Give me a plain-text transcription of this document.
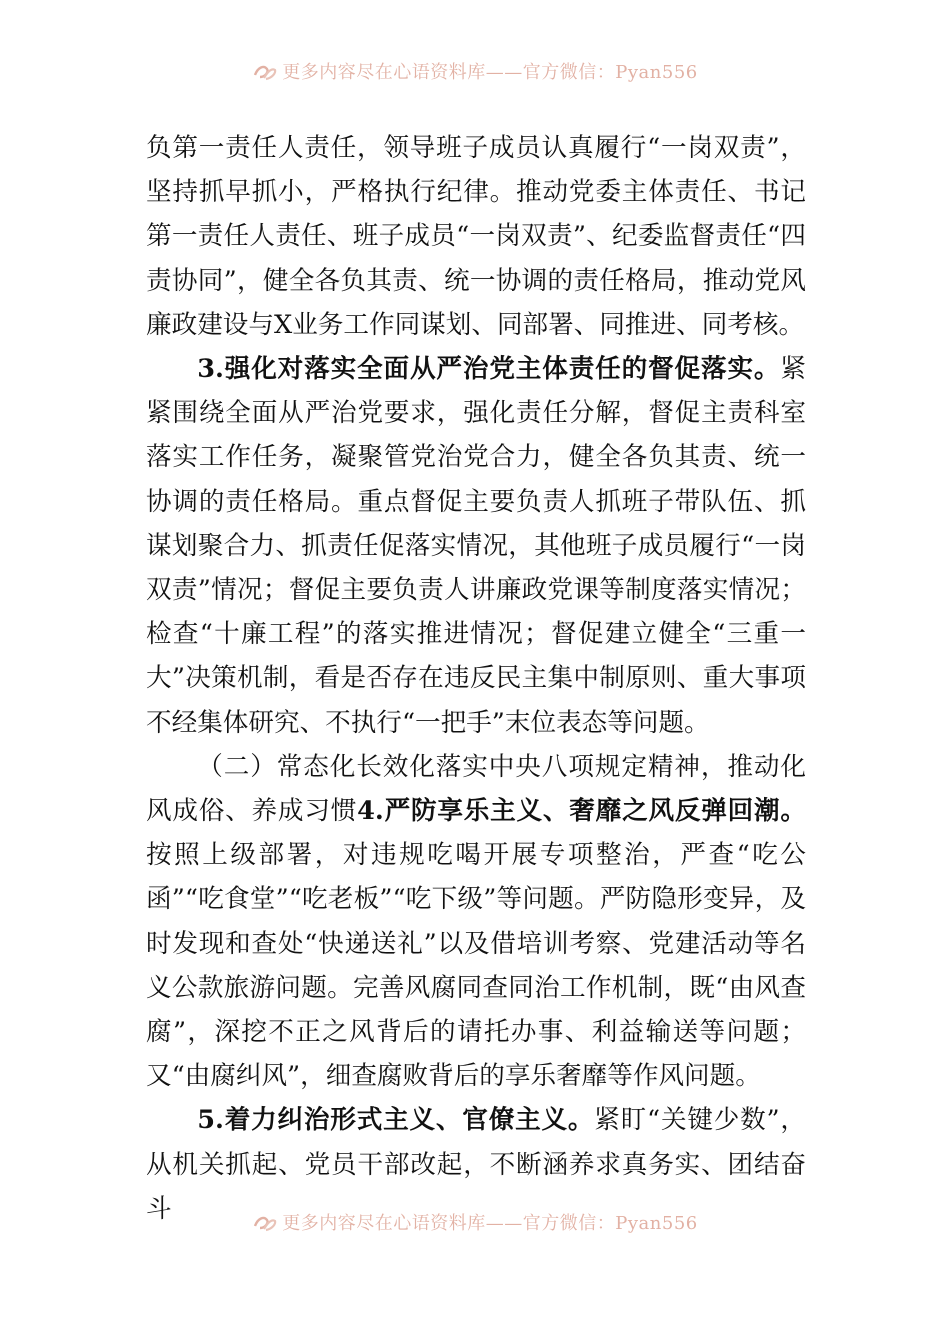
更多内容尽在心语资料库——官方微信：Pyan556

负第一责任人责任，领导班子成员认真履行“一岗双责”，坚持抓早抓小，严格执行纪律。推动党委主体责任、书记第一责任人责任、班子成员“一岗双责”、纪委监督责任“四责协同”，健全各负其责、统一协调的责任格局，推动党风廉政建设与X业务工作同谋划、同部署、同推进、同考核。

3.强化对落实全面从严治党主体责任的督促落实。紧紧围绕全面从严治党要求，强化责任分解，督促主责科室落实工作任务，凝聚管党治党合力，健全各负其责、统一协调的责任格局。重点督促主要负责人抓班子带队伍、抓谋划聚合力、抓责任促落实情况，其他班子成员履行“一岗双责”情况；督促主要负责人讲廉政党课等制度落实情况；检查“十廉工程”的落实推进情况；督促建立健全“三重一大”决策机制，看是否存在违反民主集中制原则、重大事项不经集体研究、不执行“一把手”末位表态等问题。

（二）常态化长效化落实中央八项规定精神，推动化风成俗、养成习惯4.严防享乐主义、奢靡之风反弹回潮。按照上级部署，对违规吃喝开展专项整治，严查“吃公函”“吃食堂”“吃老板”“吃下级”等问题。严防隐形变异，及时发现和查处“快递送礼”以及借培训考察、党建活动等名义公款旅游问题。完善风腐同查同治工作机制，既“由风查腐”，深挖不正之风背后的请托办事、利益输送等问题；又“由腐纠风”，细查腐败背后的享乐奢靡等作风问题。

5.着力纠治形式主义、官僚主义。紧盯“关键少数”，从机关抓起、党员干部改起，不断涵养求真务实、团结奋斗	更多内容尽在心语资料库——官方微信：Pyan556
